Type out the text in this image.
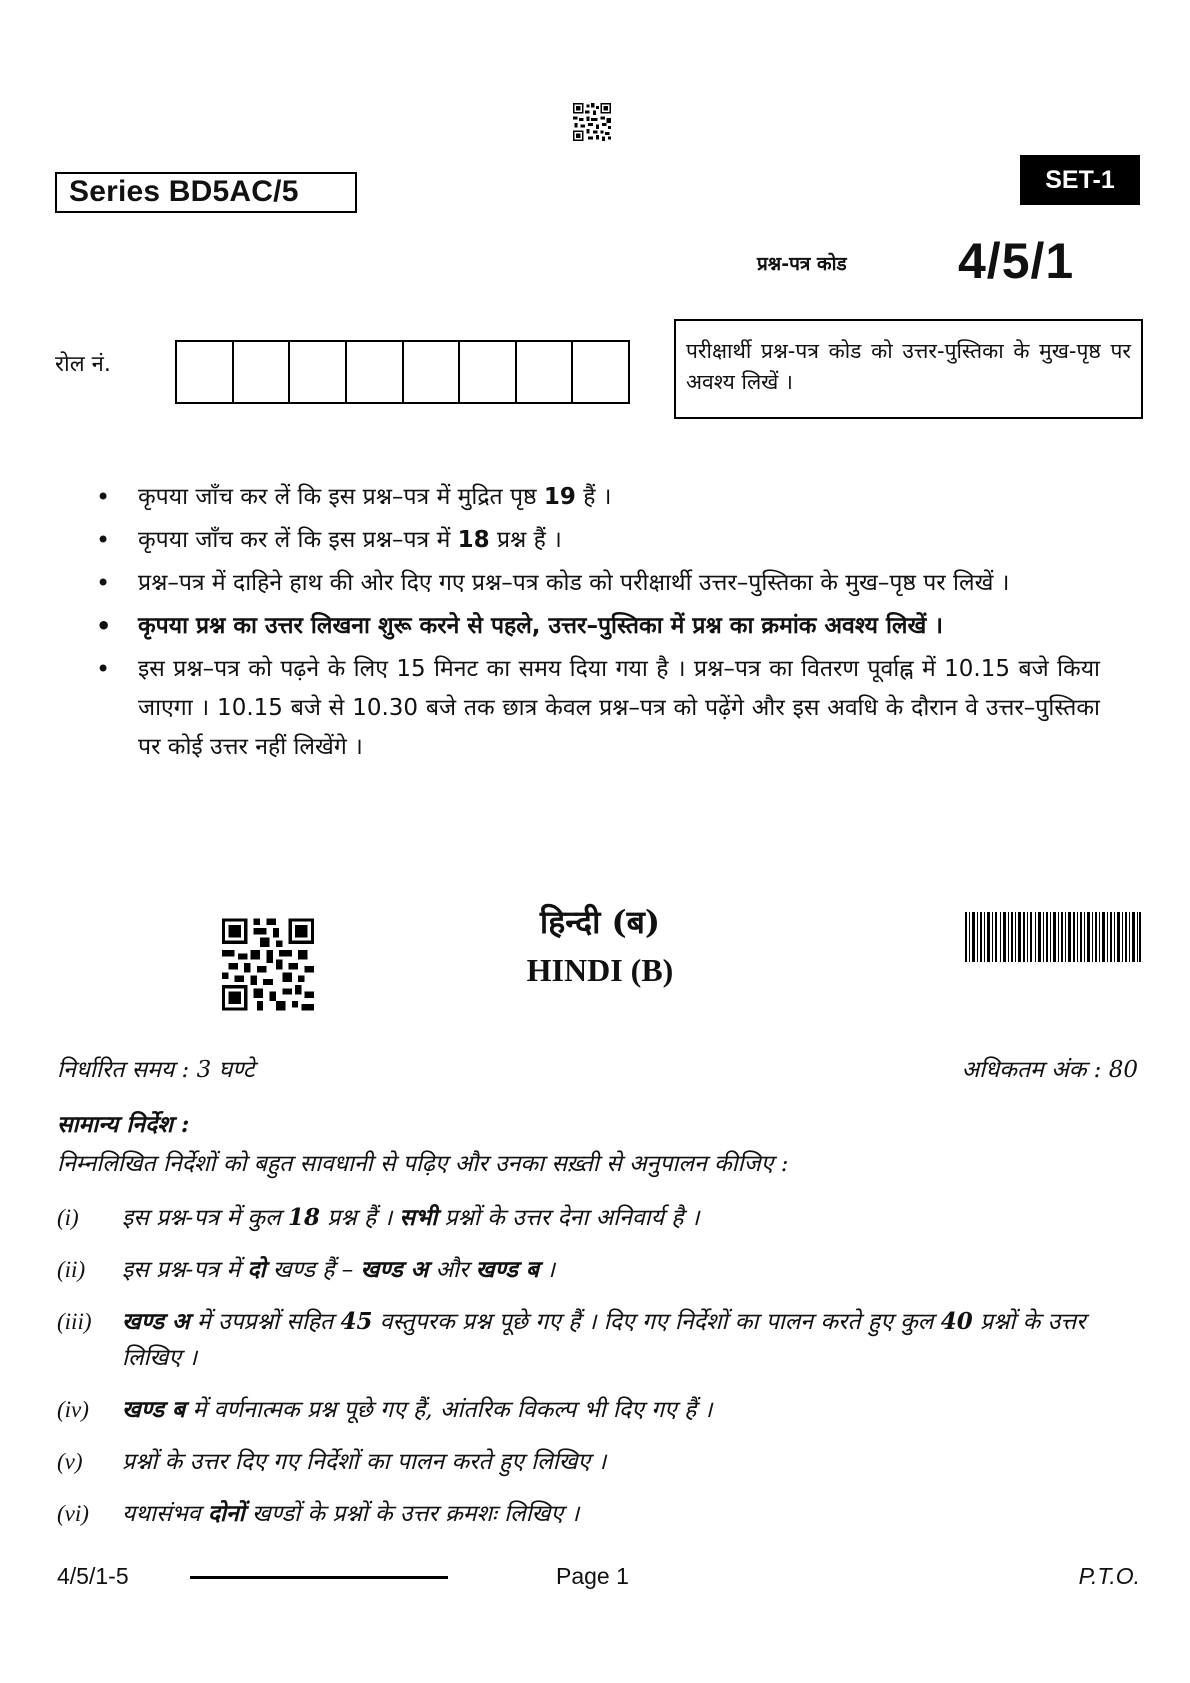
Series BD5AC/5	SET-1
प्रश्न-पत्र कोड 4/5/1
रोल नं.
परीक्षार्थी प्रश्न-पत्र कोड को उत्तर-पुस्तिका के मुख-पृष्ठ पर अवश्य लिखें ।
• कृपया जाँच कर लें कि इस प्रश्न–पत्र में मुद्रित पृष्ठ 19 हैं ।
• कृपया जाँच कर लें कि इस प्रश्न–पत्र में 18 प्रश्न हैं ।
• प्रश्न–पत्र में दाहिने हाथ की ओर दिए गए प्रश्न–पत्र कोड को परीक्षार्थी उत्तर–पुस्तिका के मुख–पृष्ठ पर लिखें ।
• कृपया प्रश्न का उत्तर लिखना शुरू करने से पहले, उत्तर–पुस्तिका में प्रश्न का क्रमांक अवश्य लिखें ।
• इस प्रश्न–पत्र को पढ़ने के लिए 15 मिनट का समय दिया गया है । प्रश्न–पत्र का वितरण पूर्वाह्न में 10.15 बजे किया जाएगा । 10.15 बजे से 10.30 बजे तक छात्र केवल प्रश्न–पत्र को पढ़ेंगे और इस अवधि के दौरान वे उत्तर–पुस्तिका पर कोई उत्तर नहीं लिखेंगे ।
हिन्दी (ब)
HINDI (B)
निर्धारित समय : 3 घण्टे	अधिकतम अंक : 80
सामान्य निर्देश :
निम्नलिखित निर्देशों को बहुत सावधानी से पढ़िए और उनका सख़्ती से अनुपालन कीजिए :
(i)	इस प्रश्न-पत्र में कुल 18 प्रश्न हैं । सभी प्रश्नों के उत्तर देना अनिवार्य है ।
(ii)	इस प्रश्न-पत्र में दो खण्ड हैं – खण्ड अ और खण्ड ब ।
(iii)	खण्ड अ में उपप्रश्नों सहित 45 वस्तुपरक प्रश्न पूछे गए हैं । दिए गए निर्देशों का पालन करते हुए कुल 40 प्रश्नों के उत्तर लिखिए ।
(iv)	खण्ड ब में वर्णनात्मक प्रश्न पूछे गए हैं, आंतरिक विकल्प भी दिए गए हैं ।
(v)	प्रश्नों के उत्तर दिए गए निर्देशों का पालन करते हुए लिखिए ।
(vi)	यथासंभव दोनों खण्डों के प्रश्नों के उत्तर क्रमशः लिखिए ।
4/5/1-5	Page 1	P.T.O.
